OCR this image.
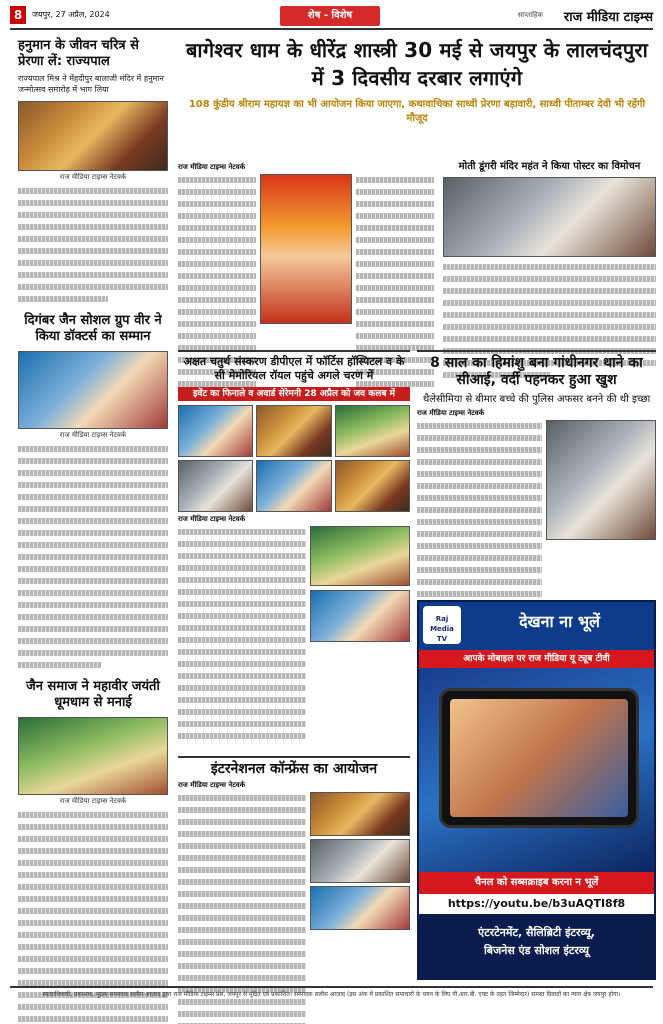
8	जयपुर, 27 अप्रैल, 2024	शेष - विशेष	साप्ताहिक राज मीडिया टाइम्स
हनुमान के जीवन चरित्र से प्रेरणा लें: राज्यपाल
राज्यपाल मिश्र ने मेंहदीपुर बालाजी मंदिर में हनुमान जन्मोत्सव समारोह में भाग लिया
राज मीडिया टाइम्स नेटवर्क
दिगंबर जैन सोशल ग्रुप वीर ने किया डॉक्टर्स का सम्मान
राज मीडिया टाइम्स नेटवर्क
जैन समाज ने महावीर जयंती धूमधाम से मनाई
राज मीडिया टाइम्स नेटवर्क
बागेश्वर धाम के धीरेंद्र शास्त्री 30 मई से जयपुर के लालचंदपुरा में 3 दिवसीय दरबार लगाएंगे
108 कुंडीय श्रीराम महायज्ञ का भी आयोजन किया जाएगा, कथावाचिका साध्वी प्रेरणा बड़ावारी, साध्वी पीताम्बर देवी भी रहेंगी मौजूद
राज मीडिया टाइम्स नेटवर्क	मोती डूंगरी मंदिर महंत ने किया पोस्टर का विमोचन
अक्षत चतुर्थ संस्करण डीपीएल में फॉर्टिस हॉस्पिटल व के सी मेमोरियल रॉयल पहुंचे अगले चरण में
इवेंट का फिनाले व अवार्ड सेरेमनी 28 अप्रैल को जव कलब में
राज मीडिया टाइम्स नेटवर्क
8 साल का हिमांशु बना गांधीनगर थाने का सीआई, वर्दी पहनकर हुआ खुश
थैलेसीमिया से बीमार बच्चे की पुलिस अफसर बनने की थी इच्छा
राज मीडिया टाइम्स नेटवर्क
इंटरनेशनल कॉन्फ्रेंस का आयोजन
राज मीडिया टाइम्स नेटवर्क
Raj Media
TV
देखना ना भूलें
आपके मोबाइल पर राज मीडिया यू ट्यूब टीवी
चैनल को सब्सक्राइब करना न भूलें
https://youtu.be/b3uAQTI8f8
एंटरटेनमेंट, सैलिब्रिटी इंटरव्यू,
बिजनेस एंड सोशल इंटरव्यू
स्वत्वाधिकारी, प्रकाशक, मुद्रक सम्पादक सलीम आज़ाद द्वारा राज मीडिया टाइम्स प्रेस, जयपुर से मुद्रित एवं प्रकाशित। सम्पादक सलीम आज़ाद (इस अंक में प्रकाशित समाचारों के चयन के लिए पी.आर.बी. एक्ट के तहत जिम्मेदार) समस्त विवादों का न्याय क्षेत्र जयपुर होगा।
